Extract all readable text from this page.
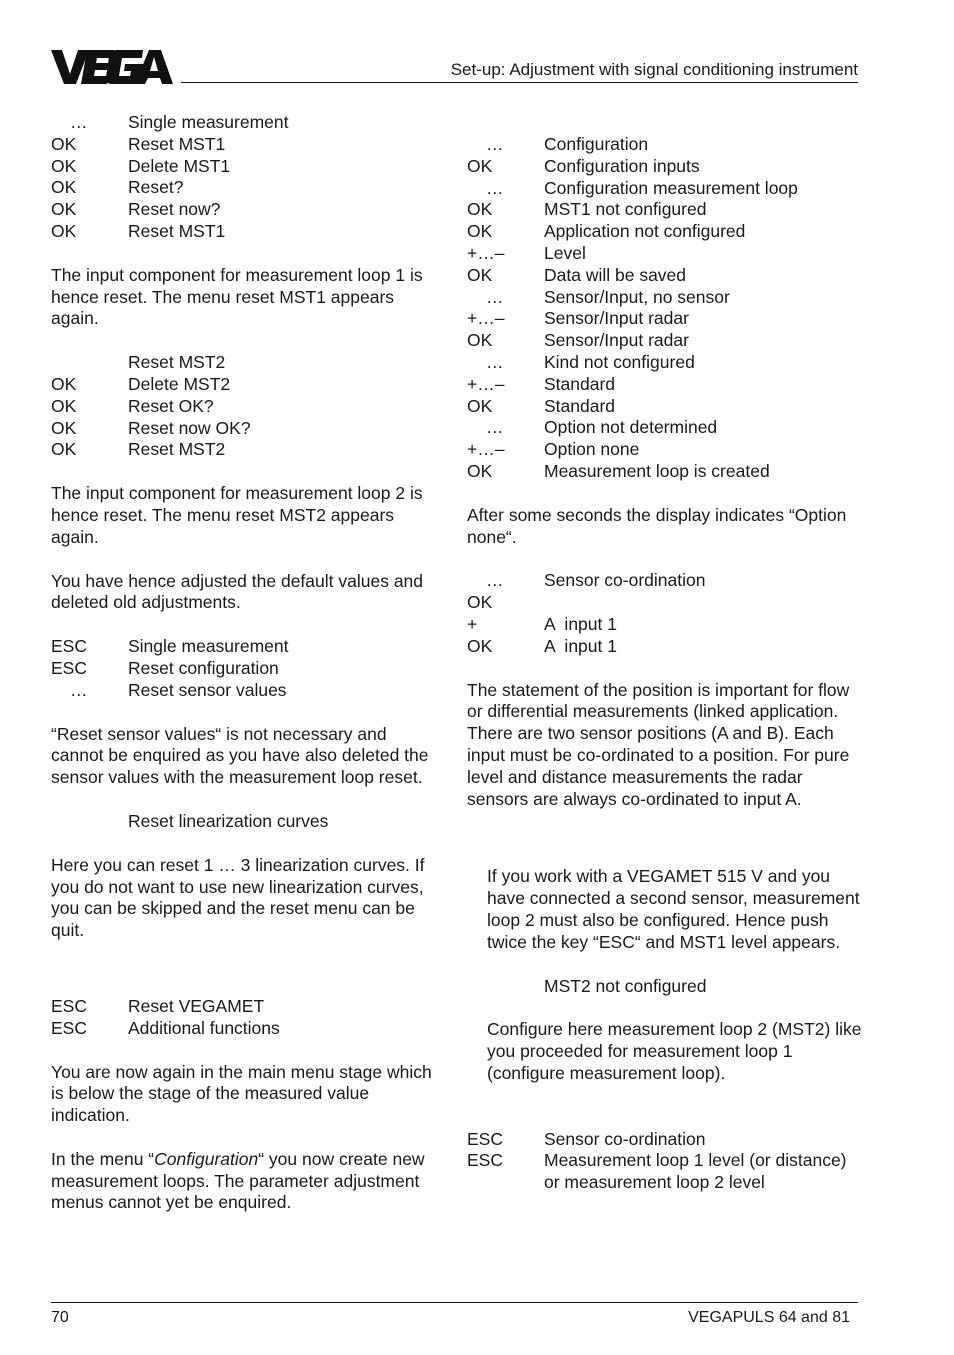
Set-up: Adjustment with signal conditioning instrument
…	Single measurement
OK	Reset MST1
OK	Delete MST1
OK	Reset?
OK	Reset now?
OK	Reset MST1

The input component for measurement loop 1 is hence reset. The menu reset MST1 appears again.

Reset MST2
OK	Delete MST2
OK	Reset OK?
OK	Reset now OK?
OK	Reset MST2

The input component for measurement loop 2 is hence reset. The menu reset MST2 appears again.

You have hence adjusted the default values and deleted old adjustments.

ESC	Single measurement
ESC	Reset configuration
…	Reset sensor values

“Reset sensor values“ is not necessary and cannot be enquired as you have also deleted the sensor values with the measurement loop reset.

Reset linearization curves

Here you can reset 1 … 3 linearization curves. If you do not want to use new linearization curves, you can be skipped and the reset menu can be quit.

ESC	Reset VEGAMET
ESC	Additional functions

You are now again in the main menu stage which is below the stage of the measured value indication.

In the menu “Configuration“ you now create new measurement loops. The parameter adjustment menus cannot yet be enquired.

…	Configuration
OK	Configuration inputs
…	Configuration measurement loop
OK	MST1 not configured
OK	Application not configured
+…–	Level
OK	Data will be saved
…	Sensor/Input, no sensor
+…–	Sensor/Input radar
OK	Sensor/Input radar
…	Kind not configured
+…–	Standard
OK	Standard
…	Option not determined
+…–	Option none
OK	Measurement loop is created

After some seconds the display indicates “Option none“.

…	Sensor co-ordination
OK
+	A  input 1
OK	A  input 1

The statement of the position is important for flow or differential measurements (linked application. There are two sensor positions (A and B). Each input must be co-ordinated to a position. For pure level and distance measurements the radar sensors are always co-ordinated to input A.

If you work with a VEGAMET 515 V and you have connected a second sensor, measurement loop 2 must also be configured. Hence push twice the key “ESC“ and MST1 level appears.

MST2 not configured

Configure here measurement loop 2 (MST2) like you proceeded for measurement loop 1 (configure measurement loop).

ESC	Sensor co-ordination
ESC	Measurement loop 1 level (or distance) or measurement loop 2 level
70	VEGAPULS 64 and 81
